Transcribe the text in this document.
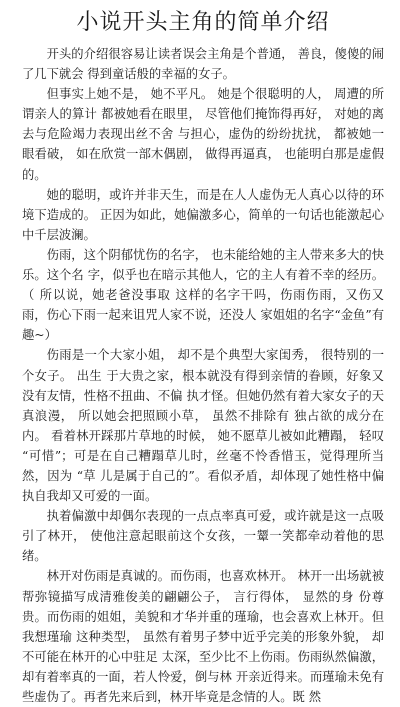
小说开头主角的简单介绍

开头的介绍很容易让读者误会主角是个普通， 善良，傻傻的闹了几下就会 得到童话般的幸福的女子。

但事实上她不是， 她不平凡。 她是个很聪明的人， 周遭的所谓亲人的算计 都被她看在眼里， 尽管他们掩饰得再好， 对她的离去与危险竭力表现出丝不舍 与担心，虚伪的纷纷扰扰， 都被她一眼看破， 如在欣赏一部木偶剧， 做得再逼真， 也能明白那是虚假的。

她的聪明，或许并非天生，而是在人人虚伪无人真心以待的环境下造成的。 正因为如此，她偏激多心，简单的一句话也能激起心中千层波澜。

伤雨，这个阴郁忧伤的名字， 也未能给她的主人带来多大的快乐。这个名 字，似乎也在暗示其他人，它的主人有着不幸的经历。 （ 所以说，她老爸没事取 这样的名字干吗，伤雨伤雨，又伤又雨，伤心下雨一起来诅咒人家不说，还没人 家姐姐的名字“金鱼”有趣~）

伤雨是一个大家小姐， 却不是个典型大家闺秀， 很特别的一个女子。 出生 于大贵之家，根本就没有得到亲情的眷顾，好象又没有友情，性格不扭曲、不偏 执才怪。但她仍然有着大家女子的天真浪漫， 所以她会把照顾小草， 虽然不排除有 独占欲的成分在内。 看着林开踩那片草地的时候， 她不愿草儿被如此糟蹋， 轻叹 “可惜”；可是在自己糟蹋草儿时，丝毫不怜香惜玉，觉得理所当然，因为 “草 儿是属于自己的”。看似矛盾，却体现了她性格中偏执自我却又可爱的一面。

执着偏激中却偶尔表现的一点点率真可爱，或许就是这一点吸引了林开， 使他注意起眼前这个女孩，一颦一笑都牵动着他的思绪。

林开对伤雨是真诚的。而伤雨，也喜欢林开。 林开一出场就被帮弥镜描写成清雅俊美的翩翩公子， 言行得体， 显然的身 份尊贵。而伤雨的姐姐，美貌和才华并重的瑾瑜，也会喜欢上林开。但我想瑾瑜 这种类型， 虽然有着男子梦中近乎完美的形象外貌， 却不可能在林开的心中驻足 太深，至少比不上伤雨。伤雨纵然偏激，却有着率真的一面，若人怜爱，倒与林 开亲近得来。而瑾瑜未免有些虚伪了。再者先来后到，林开毕竟是念情的人。既 然
